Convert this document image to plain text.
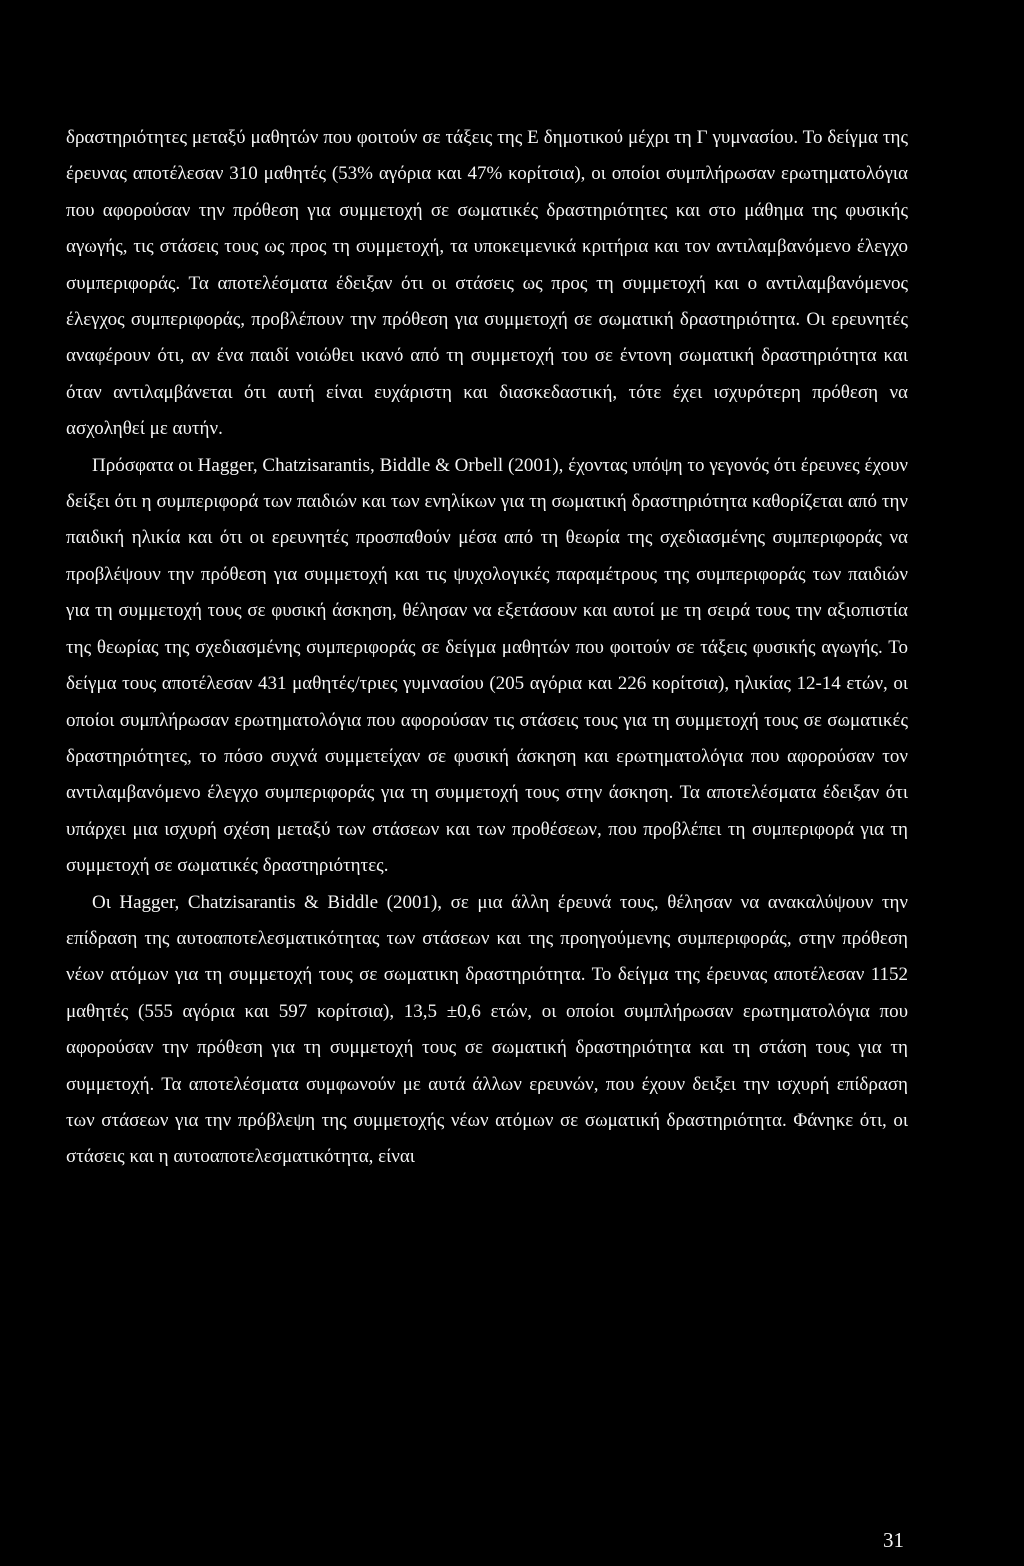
δραστηριότητες μεταξύ μαθητών που φοιτούν σε τάξεις της Ε δημοτικού μέχρι τη Γ γυμνασίου. Το δείγμα της έρευνας αποτέλεσαν 310 μαθητές (53% αγόρια και 47% κορίτσια), οι οποίοι συμπλήρωσαν ερωτηματολόγια που αφορούσαν την πρόθεση για συμμετοχή σε σωματικές δραστηριότητες και στο μάθημα της φυσικής αγωγής, τις στάσεις τους ως προς τη συμμετοχή, τα υποκειμενικά κριτήρια και τον αντιλαμβανόμενο έλεγχο συμπεριφοράς. Τα αποτελέσματα έδειξαν ότι οι στάσεις ως προς τη συμμετοχή και ο αντιλαμβανόμενος έλεγχος συμπεριφοράς, προβλέπουν την πρόθεση για συμμετοχή σε σωματική δραστηριότητα. Οι ερευνητές αναφέρουν ότι, αν ένα παιδί νοιώθει ικανό από τη συμμετοχή του σε έντονη σωματική δραστηριότητα και όταν αντιλαμβάνεται ότι αυτή είναι ευχάριστη και διασκεδαστική, τότε έχει ισχυρότερη πρόθεση να ασχοληθεί με αυτήν.

Πρόσφατα οι Hagger, Chatzisarantis, Biddle & Orbell (2001), έχοντας υπόψη το γεγονός ότι έρευνες έχουν δείξει ότι η συμπεριφορά των παιδιών και των ενηλίκων για τη σωματική δραστηριότητα καθορίζεται από την παιδική ηλικία και ότι οι ερευνητές προσπαθούν μέσα από τη θεωρία της σχεδιασμένης συμπεριφοράς να προβλέψουν την πρόθεση για συμμετοχή και τις ψυχολογικές παραμέτρους της συμπεριφοράς των παιδιών για τη συμμετοχή τους σε φυσική άσκηση, θέλησαν να εξετάσουν και αυτοί με τη σειρά τους την αξιοπιστία της θεωρίας της σχεδιασμένης συμπεριφοράς σε δείγμα μαθητών που φοιτούν σε τάξεις φυσικής αγωγής. Το δείγμα τους αποτέλεσαν 431 μαθητές/τριες γυμνασίου (205 αγόρια και 226 κορίτσια), ηλικίας 12-14 ετών, οι οποίοι συμπλήρωσαν ερωτηματολόγια που αφορούσαν τις στάσεις τους για τη συμμετοχή τους σε σωματικές δραστηριότητες, το πόσο συχνά συμμετείχαν σε φυσική άσκηση και ερωτηματολόγια που αφορούσαν τον αντιλαμβανόμενο έλεγχο συμπεριφοράς για τη συμμετοχή τους στην άσκηση. Τα αποτελέσματα έδειξαν ότι υπάρχει μια ισχυρή σχέση μεταξύ των στάσεων και των προθέσεων, που προβλέπει τη συμπεριφορά για τη συμμετοχή σε σωματικές δραστηριότητες.

Οι Hagger, Chatzisarantis & Biddle (2001), σε μια άλλη έρευνά τους, θέλησαν να ανακαλύψουν την επίδραση της αυτοαποτελεσματικότητας των στάσεων και της προηγούμενης συμπεριφοράς, στην πρόθεση νέων ατόμων για τη συμμετοχή τους σε σωματικη δραστηριότητα. Το δείγμα της έρευνας αποτέλεσαν 1152 μαθητές (555 αγόρια και 597 κορίτσια), 13,5 ±0,6 ετών, οι οποίοι συμπλήρωσαν ερωτηματολόγια που αφορούσαν την πρόθεση για τη συμμετοχή τους σε σωματική δραστηριότητα και τη στάση τους για τη συμμετοχή. Τα αποτελέσματα συμφωνούν με αυτά άλλων ερευνών, που έχουν δειξει την ισχυρή επίδραση των στάσεων για την πρόβλεψη της συμμετοχής νέων ατόμων σε σωματική δραστηριότητα. Φάνηκε ότι, οι στάσεις και η αυτοαποτελεσματικότητα, είναι

31
